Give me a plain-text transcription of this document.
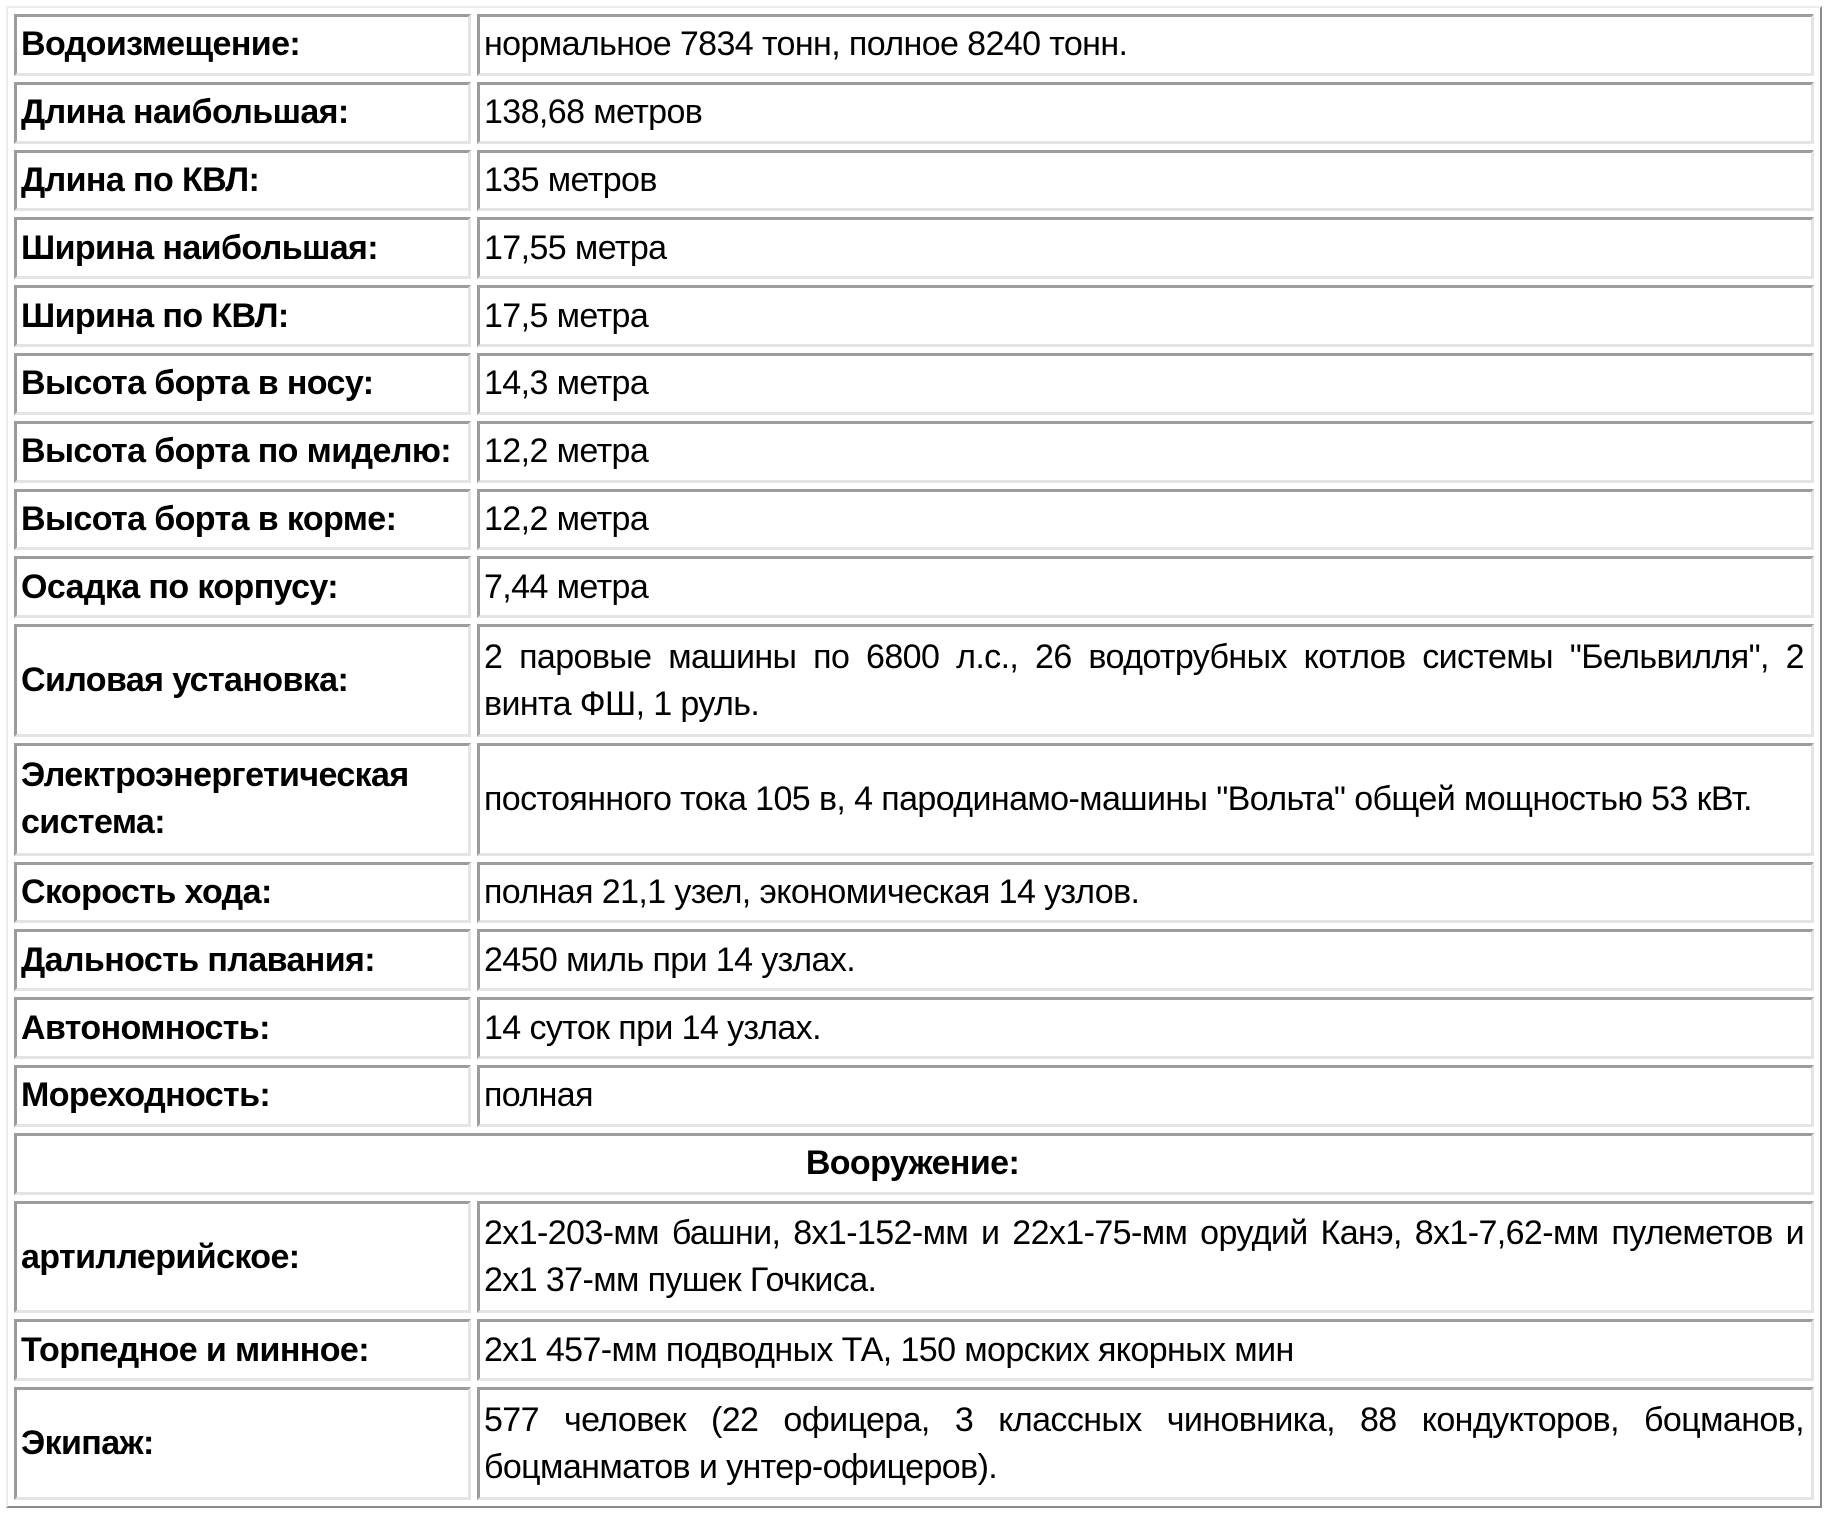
Водоизмещение:	нормальное 7834 тонн, полное 8240 тонн.
Длина наибольшая:	138,68 метров
Длина по КВЛ:	135 метров
Ширина наибольшая:	17,55 метра
Ширина по КВЛ:	17,5 метра
Высота борта в носу:	14,3 метра
Высота борта по миделю:	12,2 метра
Высота борта в корме:	12,2 метра
Осадка по корпусу:	7,44 метра
Силовая установка:	2 паровые машины по 6800 л.с., 26 водотрубных котлов системы "Бельвилля", 2 винта ФШ, 1 руль.
Электроэнергетическая система:	постоянного тока 105 в, 4 пародинамо-машины "Вольта" общей мощностью 53 кВт.
Скорость хода:	полная 21,1 узел, экономическая 14 узлов.
Дальность плавания:	2450 миль при 14 узлах.
Автономность:	14 суток при 14 узлах.
Мореходность:	полная
Вооружение:	
артиллерийское:	2x1-203-мм башни, 8x1-152-мм и 22x1-75-мм орудий Канэ, 8x1-7,62-мм пулеметов и 2x1 37-мм пушек Гочкиса.
Торпедное и минное:	2x1 457-мм подводных ТА, 150 морских якорных мин
Экипаж:	577 человек (22 офицера, 3 классных чиновника, 88 кондукторов, боцманов, боцманматов и унтер-офицеров).
